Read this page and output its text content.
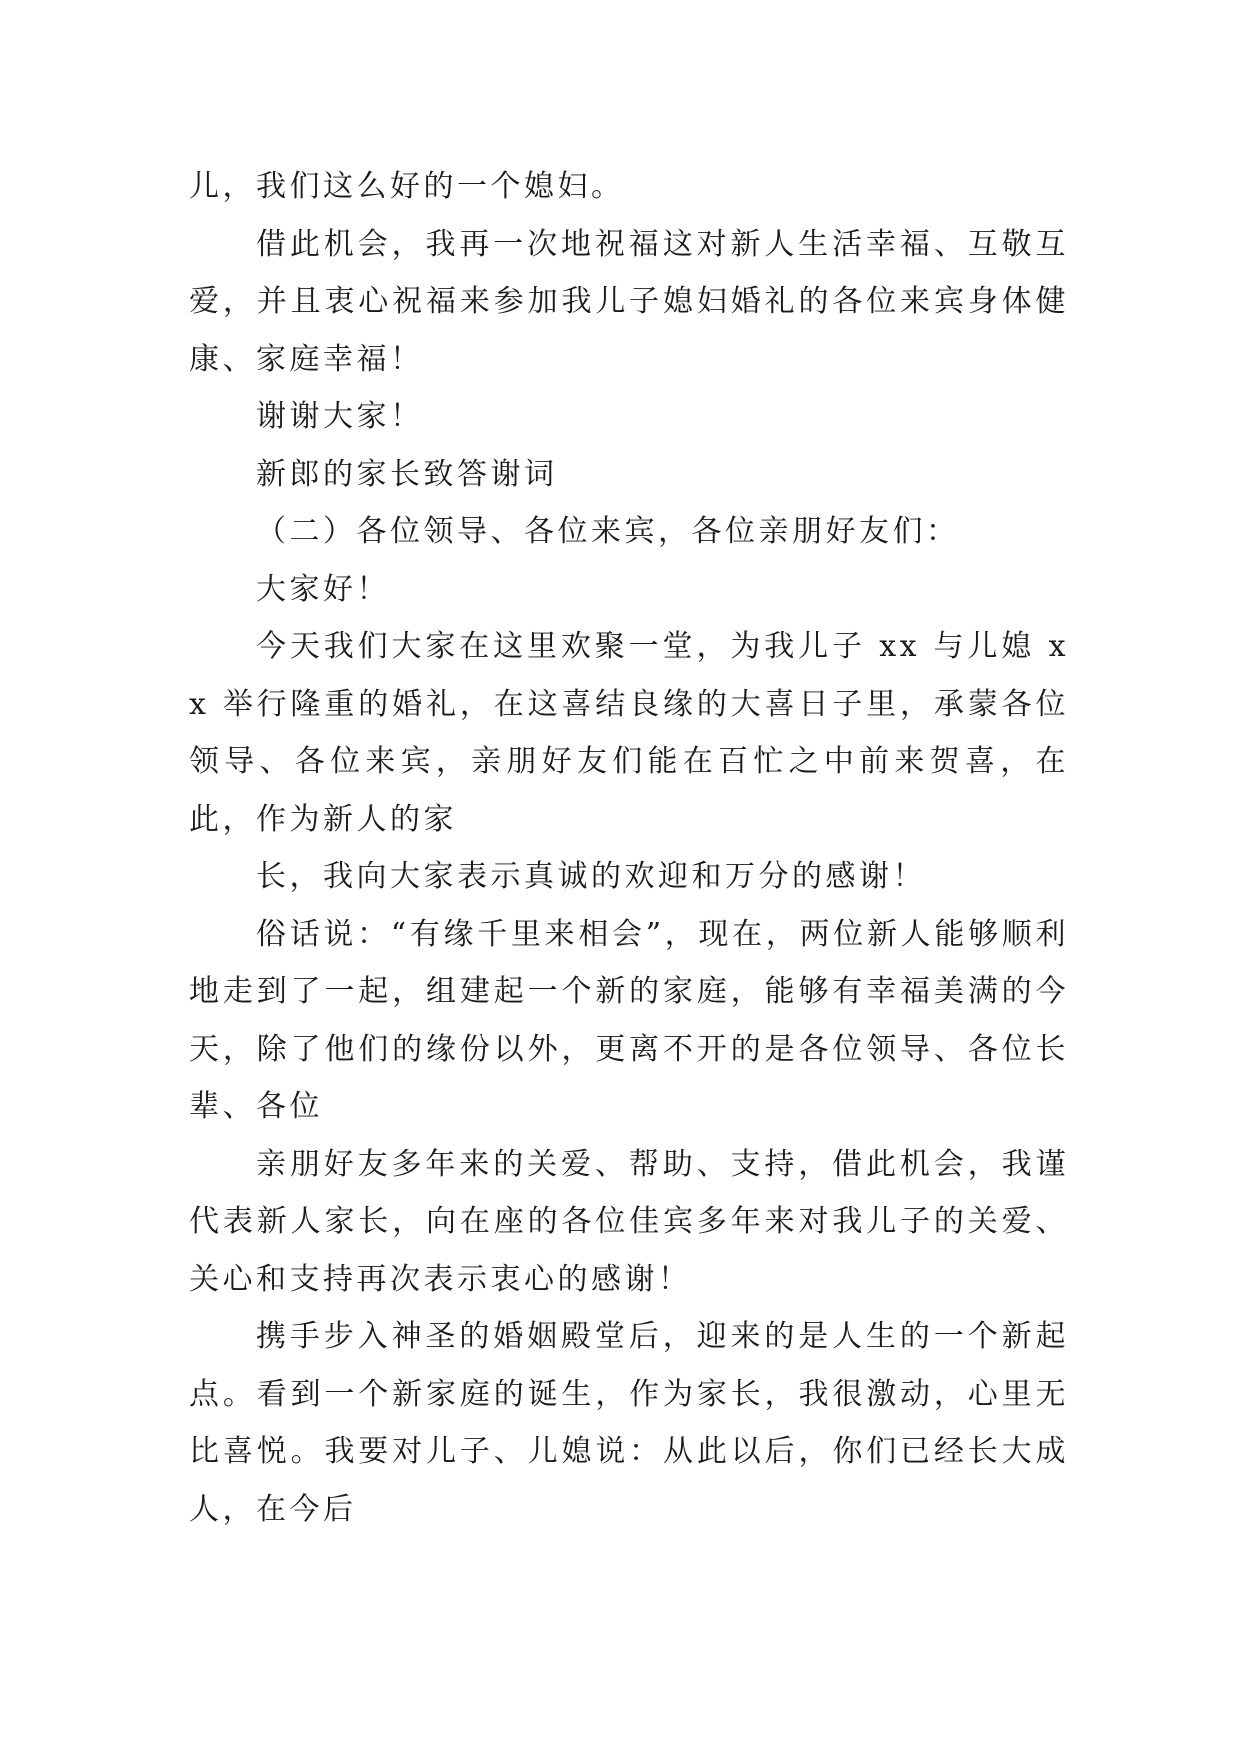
儿，我们这么好的一个媳妇。

借此机会，我再一次地祝福这对新人生活幸福、互敬互爱，并且衷心祝福来参加我儿子媳妇婚礼的各位来宾身体健康、家庭幸福！

谢谢大家！

新郎的家长致答谢词

（二）各位领导、各位来宾，各位亲朋好友们：

大家好！

今天我们大家在这里欢聚一堂，为我儿子 xx 与儿媳 xx 举行隆重的婚礼，在这喜结良缘的大喜日子里，承蒙各位领导、各位来宾，亲朋好友们能在百忙之中前来贺喜，在此，作为新人的家

长，我向大家表示真诚的欢迎和万分的感谢！

俗话说：“有缘千里来相会”，现在，两位新人能够顺利地走到了一起，组建起一个新的家庭，能够有幸福美满的今天，除了他们的缘份以外，更离不开的是各位领导、各位长辈、各位

亲朋好友多年来的关爱、帮助、支持，借此机会，我谨代表新人家长，向在座的各位佳宾多年来对我儿子的关爱、关心和支持再次表示衷心的感谢！

携手步入神圣的婚姻殿堂后，迎来的是人生的一个新起点。看到一个新家庭的诞生，作为家长，我很激动，心里无比喜悦。我要对儿子、儿媳说：从此以后，你们已经长大成人，在今后
